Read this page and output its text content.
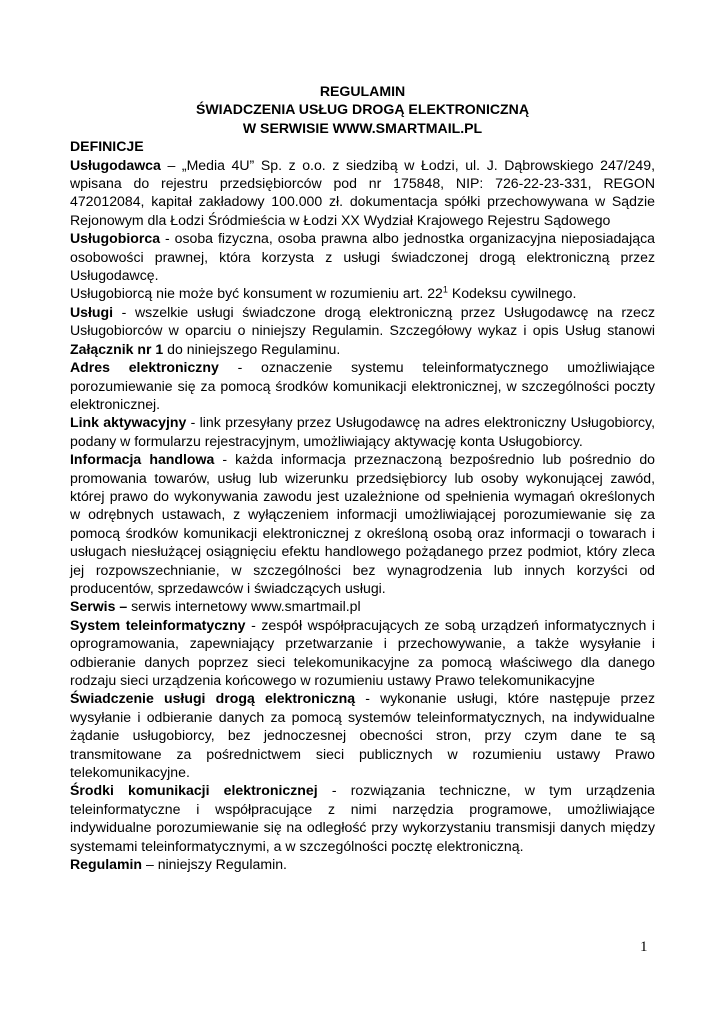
REGULAMIN

ŚWIADCZENIA USŁUG DROGĄ ELEKTRONICZNĄ

W SERWISIE WWW.SMARTMAIL.PL

DEFINICJE

Usługodawca – „Media 4U” Sp. z o.o. z siedzibą w Łodzi, ul. J. Dąbrowskiego 247/249, wpisana do rejestru przedsiębiorców pod nr 175848, NIP: 726-22-23-331, REGON 472012084, kapitał zakładowy 100.000 zł. dokumentacja spółki przechowywana w Sądzie Rejonowym dla Łodzi Śródmieścia w Łodzi XX Wydział Krajowego Rejestru Sądowego

Usługobiorca - osoba fizyczna, osoba prawna albo jednostka organizacyjna nieposiadająca osobowości prawnej, która korzysta z usługi świadczonej drogą elektroniczną przez Usługodawcę.

Usługobiorcą nie może być konsument w rozumieniu art. $22^1$ Kodeksu cywilnego.

Usługi - wszelkie usługi świadczone drogą elektroniczną przez Usługodawcę na rzecz Usługobiorców w oparciu o niniejszy Regulamin. Szczegółowy wykaz i opis Usług stanowi Załącznik nr 1 do niniejszego Regulaminu.

Adres elektroniczny - oznaczenie systemu teleinformatycznego umożliwiające porozumiewanie się za pomocą środków komunikacji elektronicznej, w szczególności poczty elektronicznej.

Link aktywacyjny - link przesyłany przez Usługodawcę na adres elektroniczny Usługobiorcy, podany w formularzu rejestracyjnym, umożliwiający aktywację konta Usługobiorcy.

Informacja handlowa - każda informacja przeznaczoną bezpośrednio lub pośrednio do promowania towarów, usług lub wizerunku przedsiębiorcy lub osoby wykonującej zawód, której prawo do wykonywania zawodu jest uzależnione od spełnienia wymagań określonych w odrębnych ustawach, z wyłączeniem informacji umożliwiającej porozumiewanie się za pomocą środków komunikacji elektronicznej z określoną osobą oraz informacji o towarach i usługach niesłużącej osiągnięciu efektu handlowego pożądanego przez podmiot, który zleca jej rozpowszechnianie, w szczególności bez wynagrodzenia lub innych korzyści od producentów, sprzedawców i świadczących usługi.

Serwis – serwis internetowy www.smartmail.pl

System teleinformatyczny - zespół współpracujących ze sobą urządzeń informatycznych i oprogramowania, zapewniający przetwarzanie i przechowywanie, a także wysyłanie i odbieranie danych poprzez sieci telekomunikacyjne za pomocą właściwego dla danego rodzaju sieci urządzenia końcowego w rozumieniu ustawy Prawo telekomunikacyjne

Świadczenie usługi drogą elektroniczną - wykonanie usługi, które następuje przez wysyłanie i odbieranie danych za pomocą systemów teleinformatycznych, na indywidualne żądanie usługobiorcy, bez jednoczesnej obecności stron, przy czym dane te są transmitowane za pośrednictwem sieci publicznych w rozumieniu ustawy Prawo telekomunikacyjne.

Środki komunikacji elektronicznej - rozwiązania techniczne, w tym urządzenia teleinformatyczne i współpracujące z nimi narzędzia programowe, umożliwiające indywidualne porozumiewanie się na odległość przy wykorzystaniu transmisji danych między systemami teleinformatycznymi, a w szczególności pocztę elektroniczną.

Regulamin – niniejszy Regulamin.

1
